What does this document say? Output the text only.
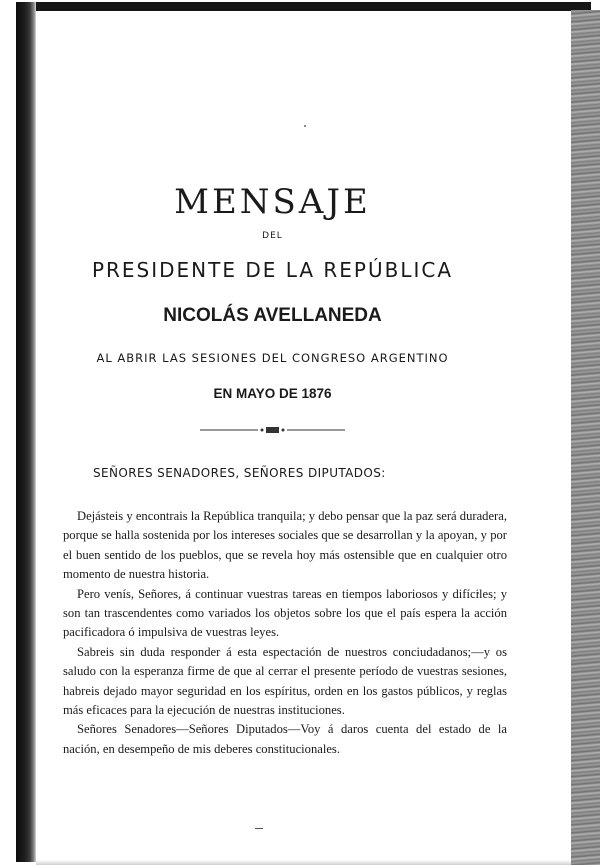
MENSAJE
DEL
PRESIDENTE DE LA REPÚBLICA
NICOLÁS AVELLANEDA
AL ABRIR LAS SESIONES DEL CONGRESO ARGENTINO
EN MAYO DE 1876
SEÑORES SENADORES, SEÑORES DIPUTADOS:

Dejásteis y encontrais la República tranquila; y debo pensar que la paz será duradera, porque se halla sostenida por los intereses sociales que se desarrollan y la apoyan, y por el buen sentido de los pueblos, que se revela hoy más ostensible que en cualquier otro momento de nuestra historia.

Pero venís, Señores, á continuar vuestras tareas en tiempos laboriosos y difíciles; y son tan trascendentes como variados los objetos sobre los que el país espera la acción pacificadora ó impulsiva de vuestras leyes.

Sabreis sin duda responder á esta espectación de nuestros conciudadanos;—y os saludo con la esperanza firme de que al cerrar el presente período de vuestras sesiones, habreis dejado mayor seguridad en los espíritus, orden en los gastos públicos, y reglas más eficaces para la ejecución de nuestras instituciones.

Señores Senadores—Señores Diputados—Voy á daros cuenta del estado de la nación, en desempeño de mis deberes constitucionales.
